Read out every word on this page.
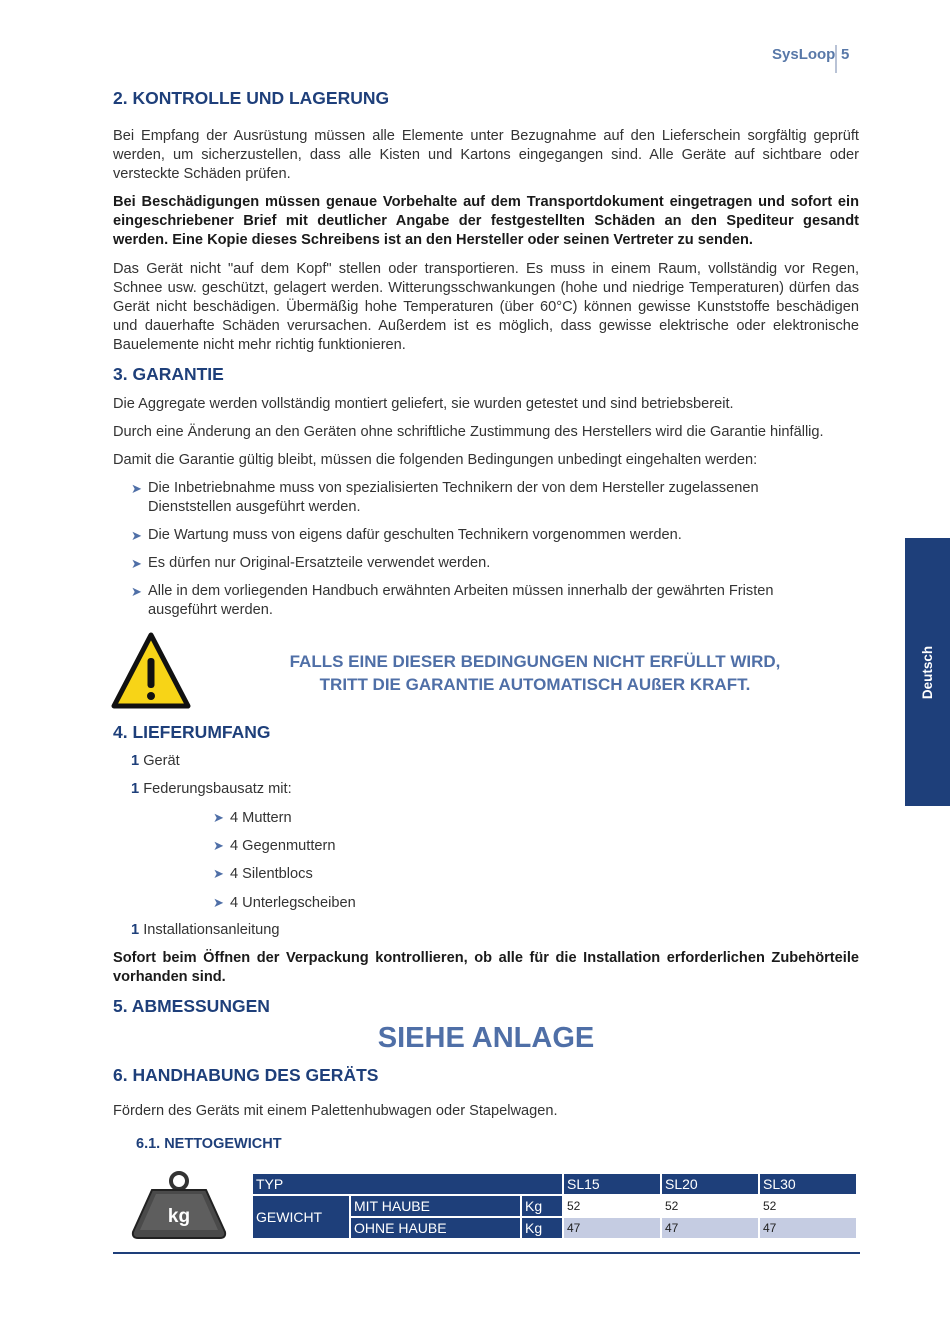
SysLoop 5
Deutsch
2. KONTROLLE UND LAGERUNG
Bei Empfang der Ausrüstung müssen alle Elemente unter Bezugnahme auf den Lieferschein sorgfältig geprüft werden, um sicherzustellen, dass alle Kisten und Kartons eingegangen sind. Alle Geräte auf sichtbare oder versteckte Schäden prüfen.
Bei Beschädigungen müssen genaue Vorbehalte auf dem Transportdokument eingetragen und sofort ein eingeschriebener Brief mit deutlicher Angabe der festgestellten Schäden an den Spediteur gesandt werden. Eine Kopie dieses Schreibens ist an den Hersteller oder seinen Vertreter zu senden.
Das Gerät nicht "auf dem Kopf" stellen oder transportieren. Es muss in einem Raum, vollständig vor Regen, Schnee usw. geschützt, gelagert werden. Witterungsschwankungen (hohe und niedrige Temperaturen) dürfen das Gerät nicht beschädigen. Übermäßig hohe Temperaturen (über 60°C) können gewisse Kunststoffe beschädigen und dauerhafte Schäden verursachen. Außerdem ist es möglich, dass gewisse elektrische oder elektronische Bauelemente nicht mehr richtig funktionieren.
3. GARANTIE
Die Aggregate werden vollständig montiert geliefert, sie wurden getestet und sind betriebsbereit.
Durch eine Änderung an den Geräten ohne schriftliche Zustimmung des Herstellers wird die Garantie hinfällig.
Damit die Garantie gültig bleibt, müssen die folgenden Bedingungen unbedingt eingehalten werden:
➤ Die Inbetriebnahme muss von spezialisierten Technikern der von dem Hersteller zugelassenen Dienststellen ausgeführt werden.
➤ Die Wartung muss von eigens dafür geschulten Technikern vorgenommen werden.
➤ Es dürfen nur Original-Ersatzteile verwendet werden.
➤ Alle in dem vorliegenden Handbuch erwähnten Arbeiten müssen innerhalb der gewährten Fristen ausgeführt werden.
FALLS EINE DIESER BEDINGUNGEN NICHT ERFÜLLT WIRD,
TRITT DIE GARANTIE AUTOMATISCH AUßER KRAFT.
4. LIEFERUMFANG
1 Gerät
1 Federungsbausatz mit:
➤ 4 Muttern
➤ 4 Gegenmuttern
➤ 4 Silentblocs
➤ 4 Unterlegscheiben
1 Installationsanleitung
Sofort beim Öffnen der Verpackung kontrollieren, ob alle für die Installation erforderlichen Zubehörteile vorhanden sind.
5. ABMESSUNGEN
SIEHE ANLAGE
6. HANDHABUNG DES GERÄTS
Fördern des Geräts mit einem Palettenhubwagen oder Stapelwagen.
6.1. NETTOGEWICHT
kg
TYP			SL15	SL20	SL30
GEWICHT	MIT HAUBE	Kg	52	52	52
	OHNE HAUBE	Kg	47	47	47
